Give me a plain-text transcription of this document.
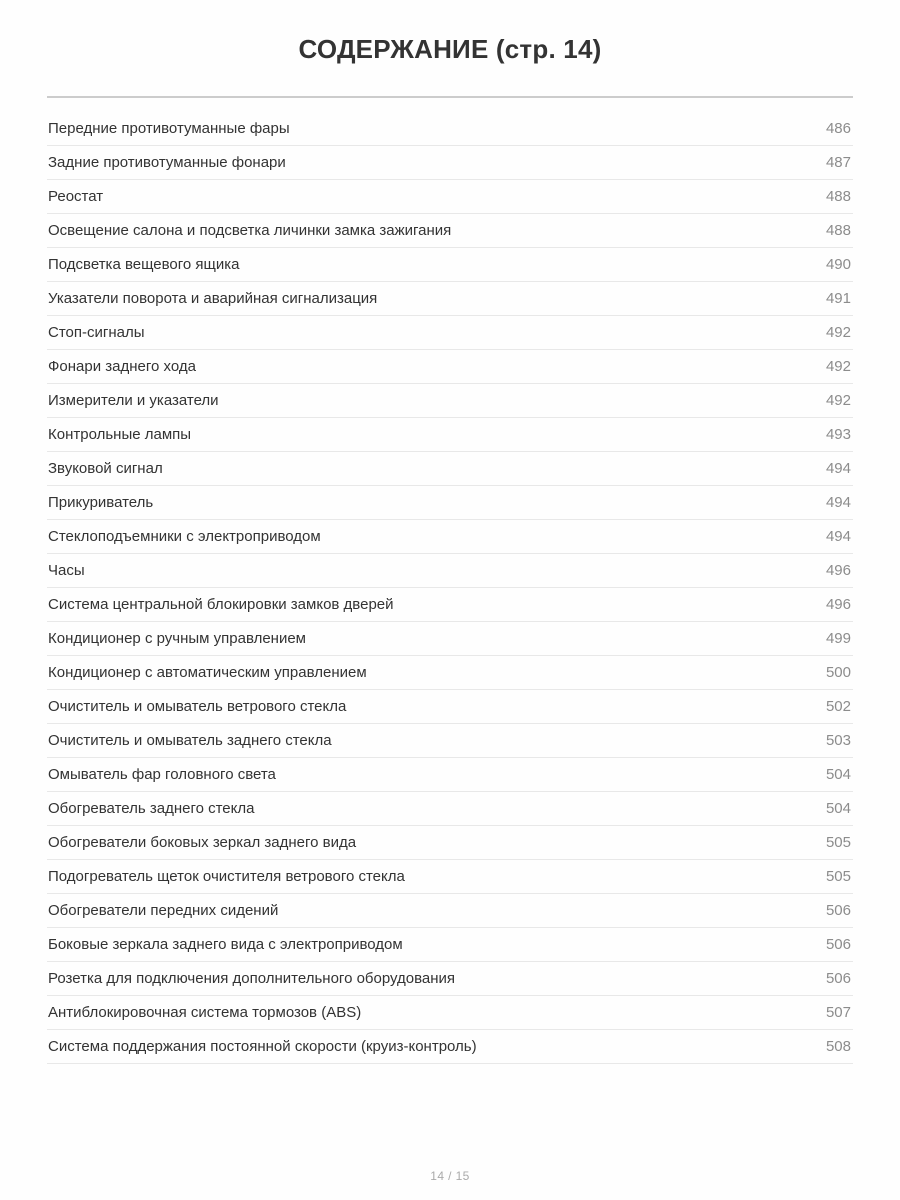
СОДЕРЖАНИЕ (стр. 14)
Передние противотуманные фары	486
Задние противотуманные фонари	487
Реостат	488
Освещение салона и подсветка личинки замка зажигания	488
Подсветка вещевого ящика	490
Указатели поворота и аварийная сигнализация	491
Стоп-сигналы	492
Фонари заднего хода	492
Измерители и указатели	492
Контрольные лампы	493
Звуковой сигнал	494
Прикуриватель	494
Стеклоподъемники с электроприводом	494
Часы	496
Система центральной блокировки замков дверей	496
Кондиционер с ручным управлением	499
Кондиционер с автоматическим управлением	500
Очиститель и омыватель ветрового стекла	502
Очиститель и омыватель заднего стекла	503
Омыватель фар головного света	504
Обогреватель заднего стекла	504
Обогреватели боковых зеркал заднего вида	505
Подогреватель щеток очистителя ветрового стекла	505
Обогреватели передних сидений	506
Боковые зеркала заднего вида с электроприводом	506
Розетка для подключения дополнительного оборудования	506
Антиблокировочная система тормозов (ABS)	507
Система поддержания постоянной скорости (круиз-контроль)	508
14 / 15
